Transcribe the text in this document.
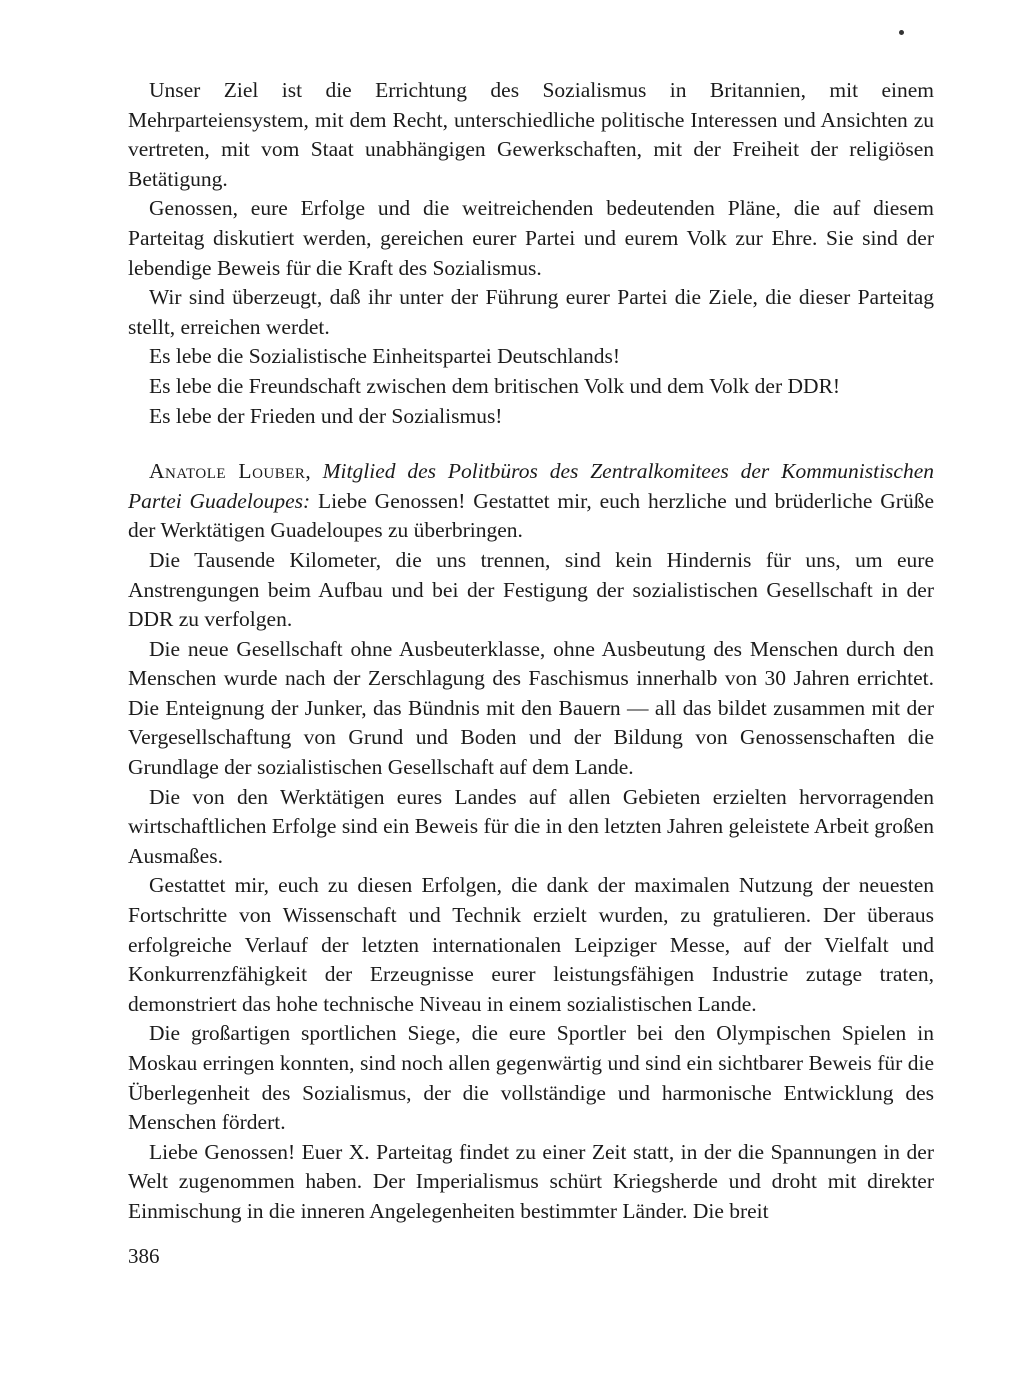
Unser Ziel ist die Errichtung des Sozialismus in Britannien, mit einem Mehrparteiensystem, mit dem Recht, unterschiedliche politische Interessen und Ansichten zu vertreten, mit vom Staat unabhängigen Gewerkschaften, mit der Freiheit der religiösen Betätigung.

Genossen, eure Erfolge und die weitreichenden bedeutenden Pläne, die auf diesem Parteitag diskutiert werden, gereichen eurer Partei und eurem Volk zur Ehre. Sie sind der lebendige Beweis für die Kraft des Sozialismus.

Wir sind überzeugt, daß ihr unter der Führung eurer Partei die Ziele, die dieser Parteitag stellt, erreichen werdet.

Es lebe die Sozialistische Einheitspartei Deutschlands!

Es lebe die Freundschaft zwischen dem britischen Volk und dem Volk der DDR!

Es lebe der Frieden und der Sozialismus!

Anatole Louber, Mitglied des Politbüros des Zentralkomitees der Kommunistischen Partei Guadeloupes: Liebe Genossen! Gestattet mir, euch herzliche und brüderliche Grüße der Werktätigen Guadeloupes zu überbringen.

Die Tausende Kilometer, die uns trennen, sind kein Hindernis für uns, um eure Anstrengungen beim Aufbau und bei der Festigung der sozialistischen Gesellschaft in der DDR zu verfolgen.

Die neue Gesellschaft ohne Ausbeuterklasse, ohne Ausbeutung des Menschen durch den Menschen wurde nach der Zerschlagung des Faschismus innerhalb von 30 Jahren errichtet. Die Enteignung der Junker, das Bündnis mit den Bauern — all das bildet zusammen mit der Vergesellschaftung von Grund und Boden und der Bildung von Genossenschaften die Grundlage der sozialistischen Gesellschaft auf dem Lande.

Die von den Werktätigen eures Landes auf allen Gebieten erzielten hervorragenden wirtschaftlichen Erfolge sind ein Beweis für die in den letzten Jahren geleistete Arbeit großen Ausmaßes.

Gestattet mir, euch zu diesen Erfolgen, die dank der maximalen Nutzung der neuesten Fortschritte von Wissenschaft und Technik erzielt wurden, zu gratulieren. Der überaus erfolgreiche Verlauf der letzten internationalen Leipziger Messe, auf der Vielfalt und Konkurrenzfähigkeit der Erzeugnisse eurer leistungsfähigen Industrie zutage traten, demonstriert das hohe technische Niveau in einem sozialistischen Lande.

Die großartigen sportlichen Siege, die eure Sportler bei den Olympischen Spielen in Moskau erringen konnten, sind noch allen gegenwärtig und sind ein sichtbarer Beweis für die Überlegenheit des Sozialismus, der die vollständige und harmonische Entwicklung des Menschen fördert.

Liebe Genossen! Euer X. Parteitag findet zu einer Zeit statt, in der die Spannungen in der Welt zugenommen haben. Der Imperialismus schürt Kriegsherde und droht mit direkter Einmischung in die inneren Angelegenheiten bestimmter Länder. Die breit

386
